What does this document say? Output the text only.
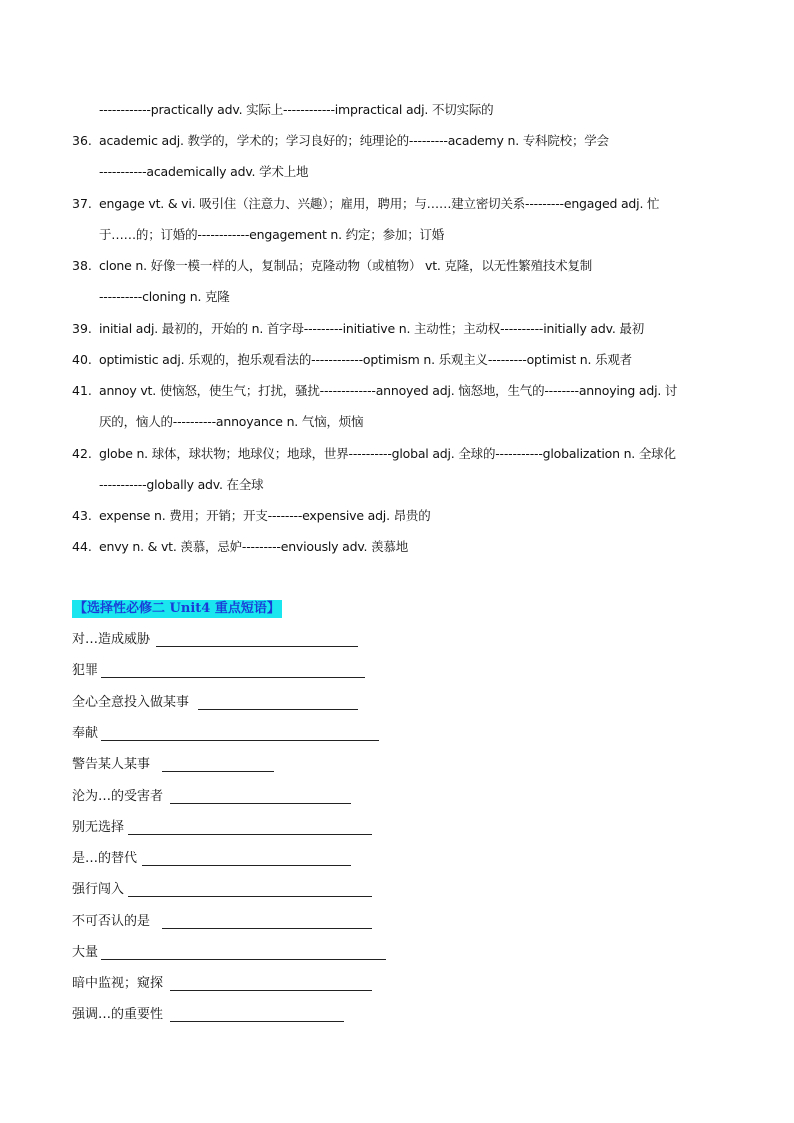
------------practically adv. 实际上------------impractical adj. 不切实际的
36. academic adj. 教学的，学术的；学习良好的；纯理论的---------academy n. 专科院校；学会
-----------academically adv. 学术上地
37. engage vt. & vi. 吸引住（注意力、兴趣）；雇用，聘用；与……建立密切关系---------engaged adj. 忙
于……的；订婚的------------engagement n. 约定；参加；订婚
38. clone n. 好像一模一样的人，复制品；克隆动物（或植物） vt. 克隆，以无性繁殖技术复制
----------cloning n. 克隆
39. initial adj. 最初的，开始的 n. 首字母---------initiative n. 主动性；主动权----------initially adv. 最初
40. optimistic adj. 乐观的，抱乐观看法的------------optimism n. 乐观主义---------optimist n. 乐观者
41. annoy vt. 使恼怒，使生气；打扰，骚扰-------------annoyed adj. 恼怒地，生气的--------annoying adj. 讨
厌的，恼人的----------annoyance n. 气恼，烦恼
42. globe n. 球体，球状物；地球仪；地球，世界----------global adj. 全球的-----------globalization n. 全球化
-----------globally adv. 在全球
43. expense n. 费用；开销；开支--------expensive adj. 昂贵的
44. envy n. & vt. 羡慕，忌妒---------enviously adv. 羡慕地
【选择性必修二 Unit4 重点短语】
对…造成威胁
犯罪
全心全意投入做某事
奉献
警告某人某事
沦为…的受害者
别无选择
是…的替代
强行闯入
不可否认的是
大量
暗中监视；窥探
强调…的重要性
